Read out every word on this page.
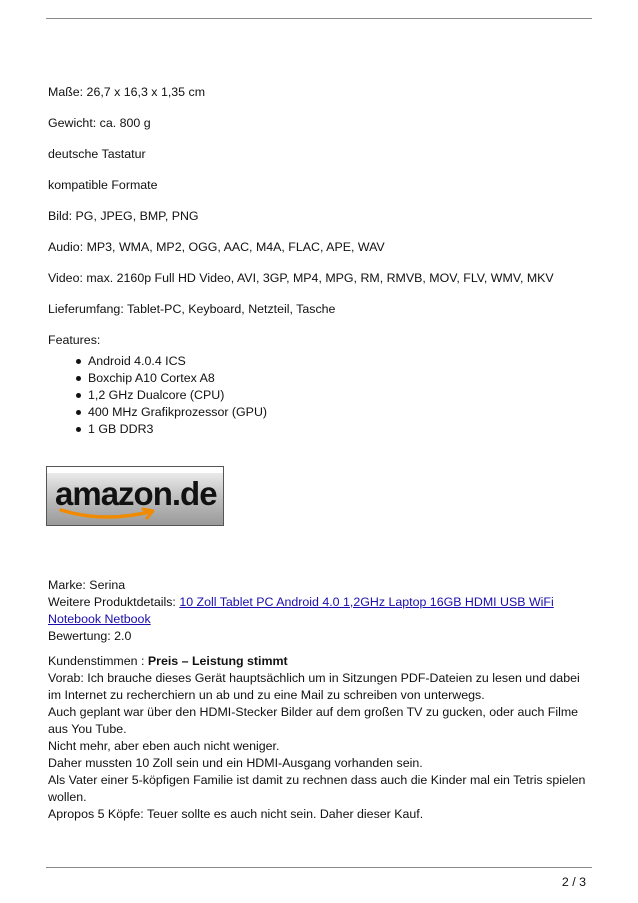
Maße: 26,7 x 16,3 x 1,35 cm

Gewicht: ca. 800 g

deutsche Tastatur

kompatible Formate

Bild: PG, JPEG, BMP, PNG

Audio: MP3, WMA, MP2, OGG, AAC, M4A, FLAC, APE, WAV

Video: max. 2160p Full HD Video, AVI, 3GP, MP4, MPG, RM, RMVB, MOV, FLV, WMV, MKV

Lieferumfang: Tablet-PC, Keyboard, Netzteil, Tasche

Features:

Android 4.0.4 ICS
Boxchip A10 Cortex A8
1,2 GHz Dualcore (CPU)
400 MHz Grafikprozessor (GPU)
1 GB DDR3
amazon.de
Marke: Serina
Weitere Produktdetails: 10 Zoll Tablet PC Android 4.0 1,2GHz Laptop 16GB HDMI USB WiFi Notebook Netbook
Bewertung: 2.0

Kundenstimmen : Preis – Leistung stimmt

Vorab: Ich brauche dieses Gerät hauptsächlich um in Sitzungen PDF-Dateien zu lesen und dabei im Internet zu recherchiern un ab und zu eine Mail zu schreiben von unterwegs.

Auch geplant war über den HDMI-Stecker Bilder auf dem großen TV zu gucken, oder auch Filme aus You Tube.

Nicht mehr, aber eben auch nicht weniger.

Daher mussten 10 Zoll sein und ein HDMI-Ausgang vorhanden sein.

Als Vater einer 5-köpfigen Familie ist damit zu rechnen dass auch die Kinder mal ein Tetris spielen wollen.

Apropos 5 Köpfe: Teuer sollte es auch nicht sein. Daher dieser Kauf.

2 / 3
